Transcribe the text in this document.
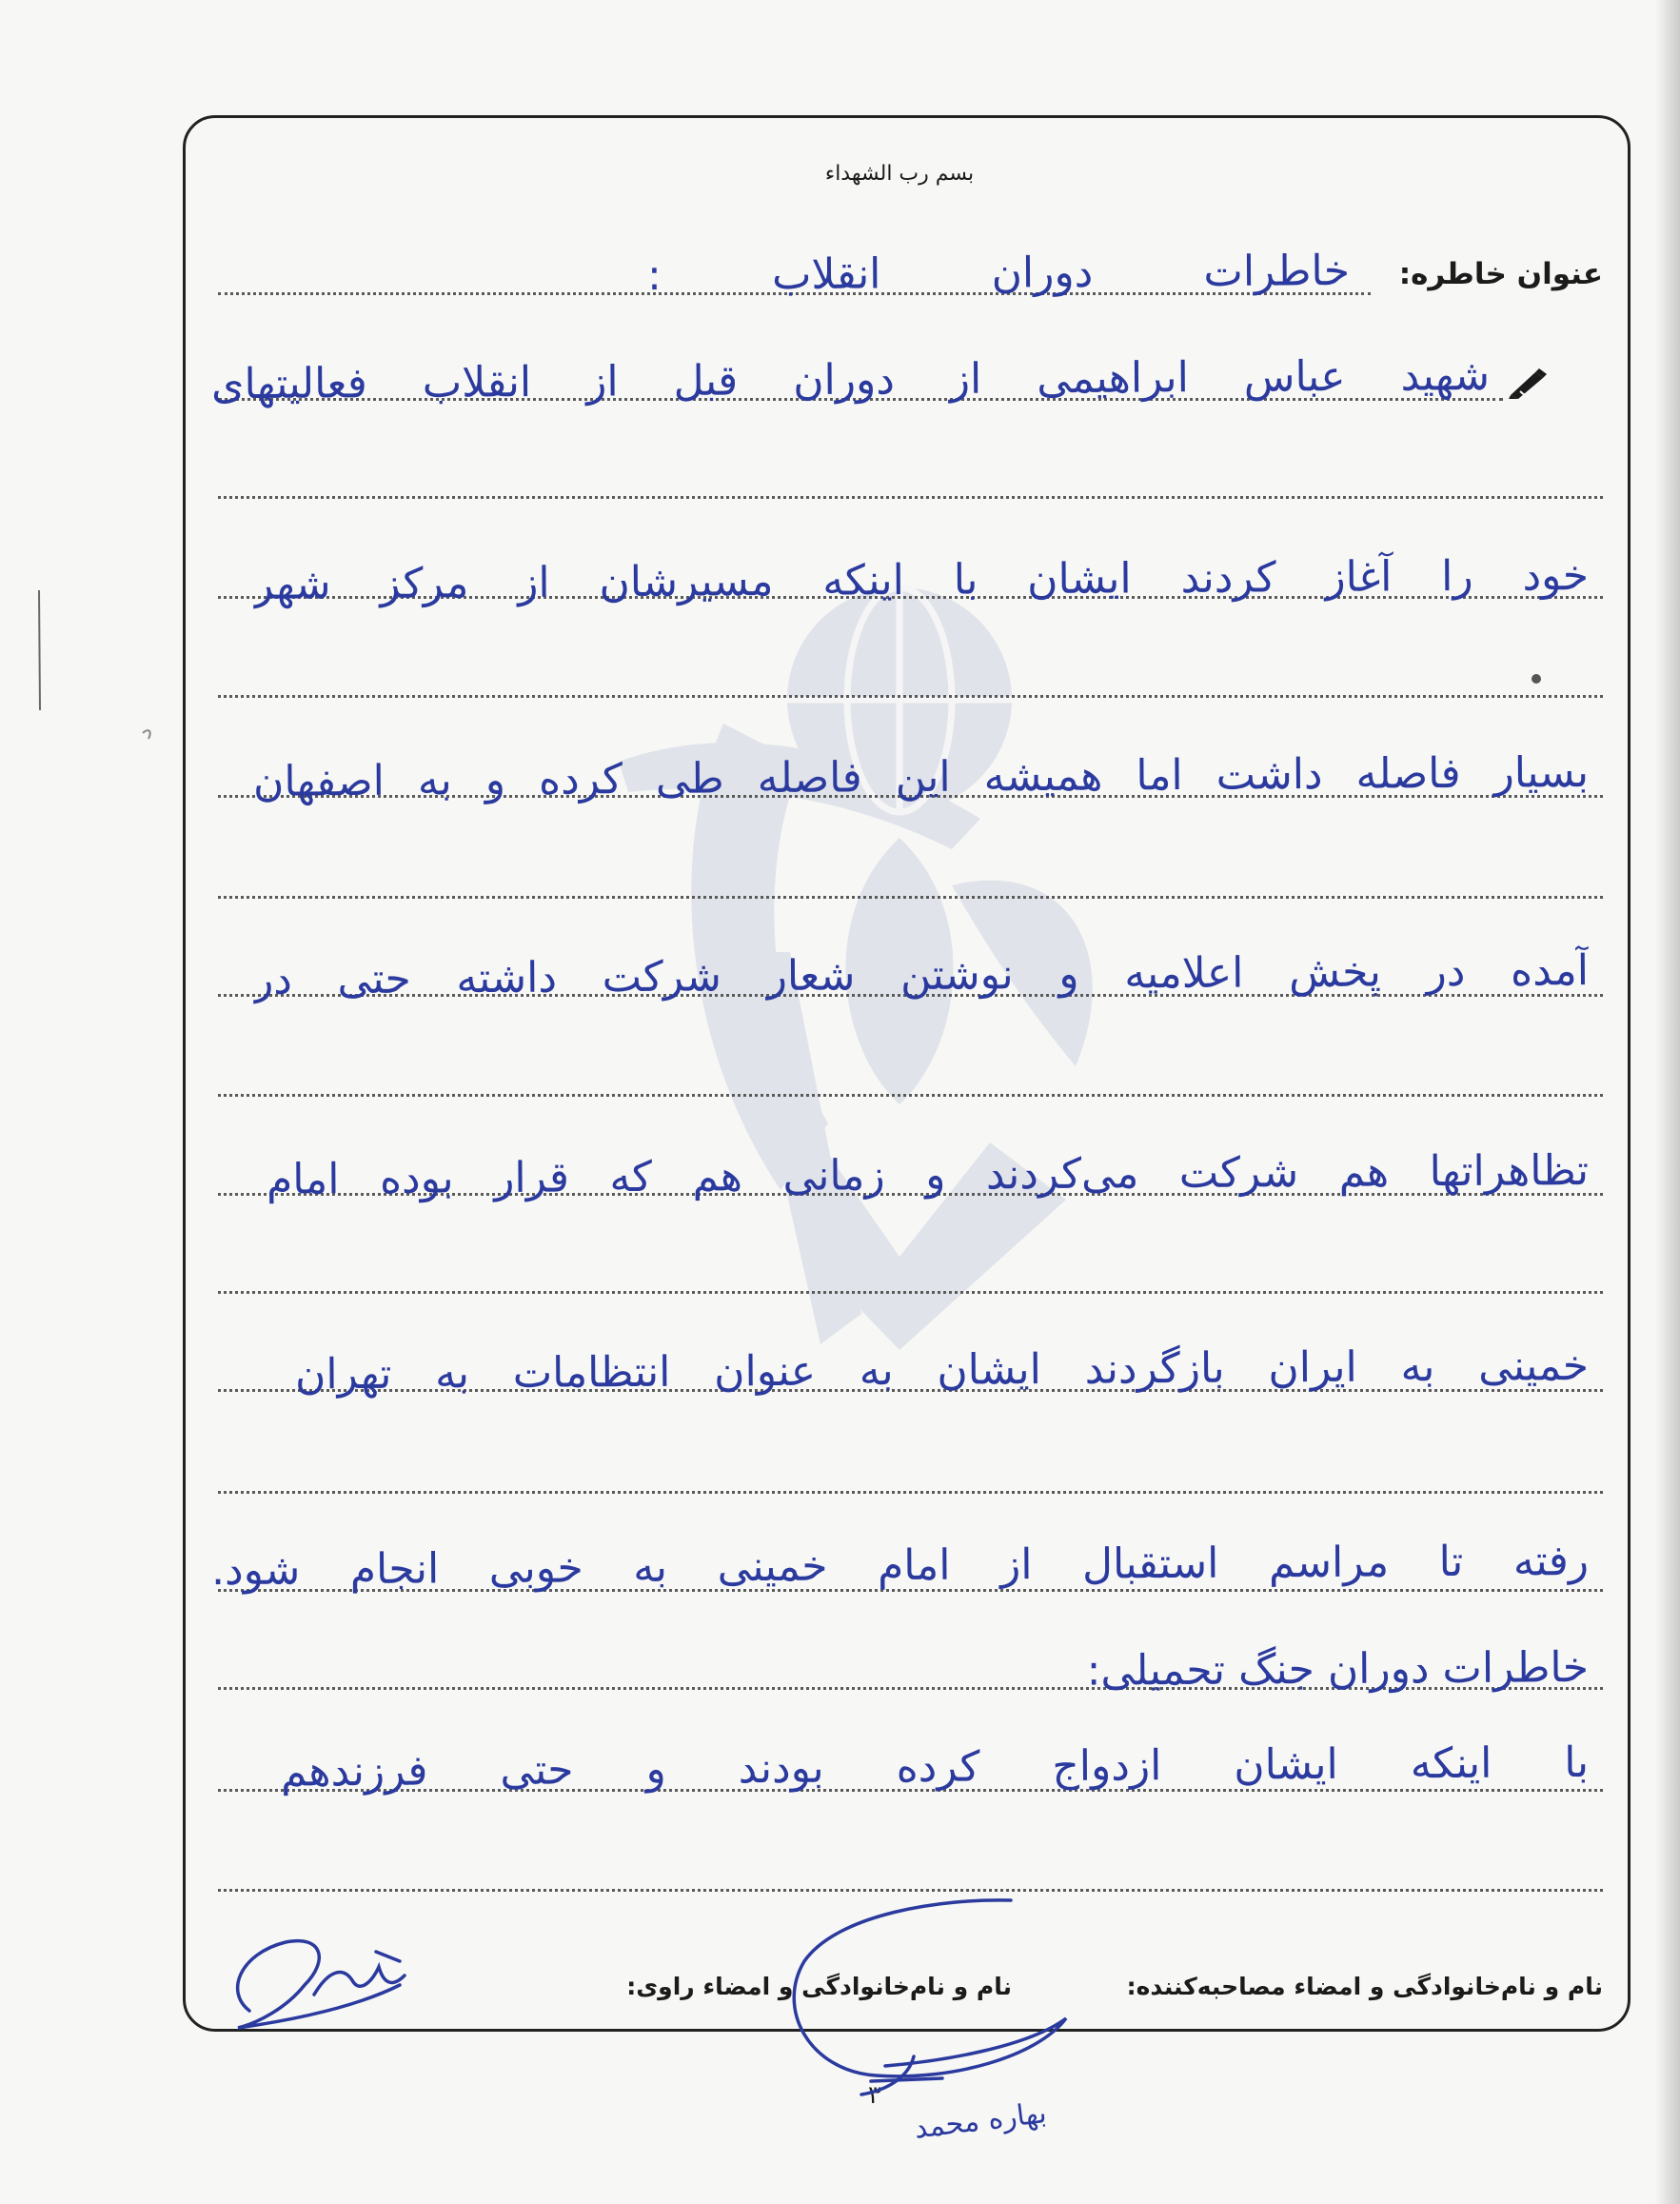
بسم رب الشهداء
عنوان خاطره:
خاطرات دوران انقلاب :
شهید عباس ابراهیمی از دوران قبل از انقلاب فعالیتهای
خود را آغاز کردند ایشان با اینکه مسیرشان از مرکز شهر
بسیار فاصله داشت اما همیشه این فاصله طی کرده و به اصفهان
آمده در پخش اعلامیه و نوشتن شعار شرکت داشته حتی در
تظاهراتها هم شرکت می‌کردند و زمانی هم که قرار بوده امام
خمینی به ایران بازگردند ایشان به عنوان انتظامات به تهران
رفته تا مراسم استقبال از امام خمینی به خوبی انجام شود.
خاطرات دوران جنگ تحمیلی:
با اینکه ایشان ازدواج کرده بودند و حتی فرزندهم
نام و نام‌خانوادگی و امضاء مصاحبه‌کننده:
نام و نام‌خانوادگی و امضاء راوی:
۳
بهاره محمد
